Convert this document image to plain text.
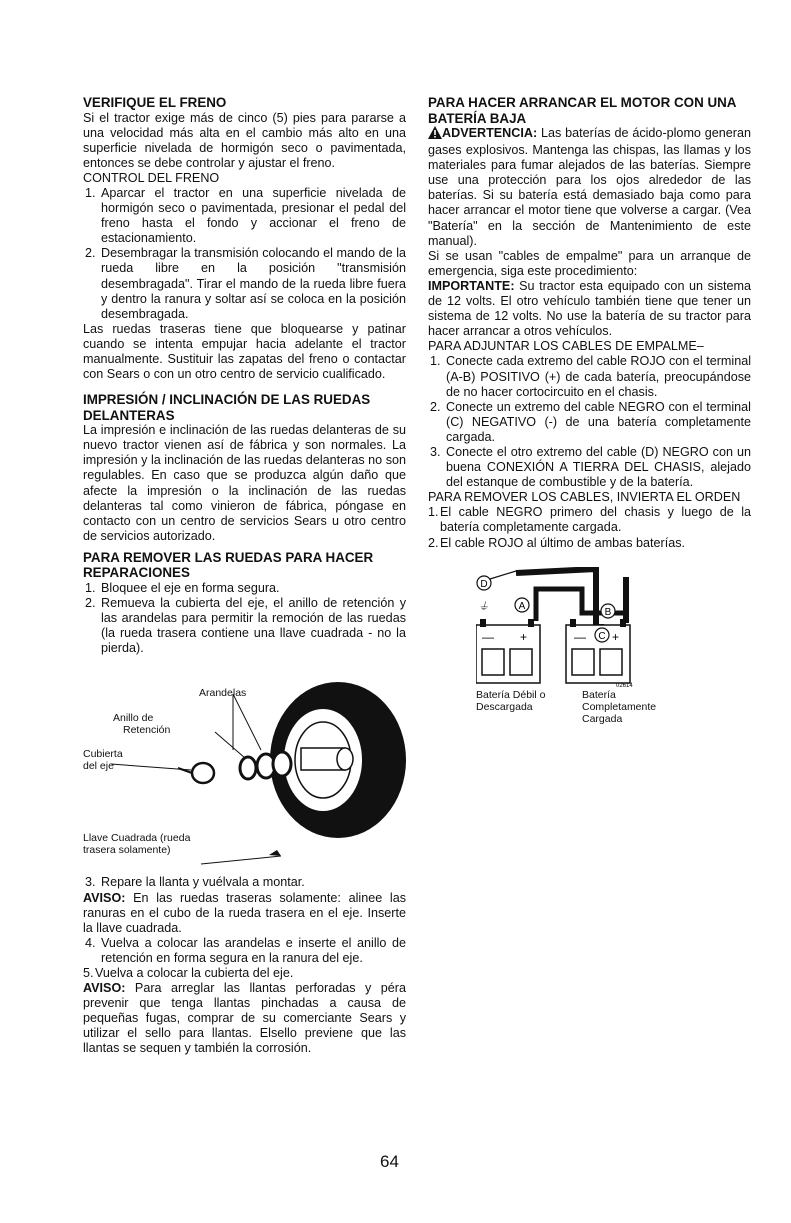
VERIFIQUE EL FRENO

Si el tractor exige más de cinco (5) pies para pararse a una velocidad más alta en el cambio más alto en una superficie nivelada de hormigón seco o pavimentada, entonces se debe controlar y ajustar el freno.

CONTROL DEL FRENO

1. Aparcar el tractor en una superficie nivelada de hormigón seco o pavimentada, presionar el pedal del freno hasta el fondo y accionar el freno de estacionamiento.
2. Desembragar la transmisión colocando el mando de la rueda libre en la posición "transmisión desembragada". Tirar el mando de la rueda libre fuera y dentro la ranura y soltar así se coloca en la posición desembragada.

Las ruedas traseras tiene que bloquearse y patinar cuando se intenta empujar hacia adelante el tractor manualmente. Sustituir las zapatas del freno o contactar con Sears o con un otro centro de servicio cualificado.

IMPRESIÓN / INCLINACIÓN DE LAS RUEDAS DELANTERAS

La impresión e inclinación de las ruedas delanteras de su nuevo tractor vienen así de fábrica y son normales. La impresión y la inclinación de las ruedas delanteras no son regulables. En caso que se produzca algún daño que afecte la impresión o la inclinación de las ruedas delanteras tal como vinieron de fábrica, póngase en contacto con un centro de servicios Sears u otro centro de servicios autorizado.

PARA REMOVER LAS RUEDAS PARA HACER REPARACIONES
1. Bloquee el eje en forma segura.
2. Remueva la cubierta del eje, el anillo de retención y las arandelas para permitir la remoción de las ruedas (la rueda trasera contiene una llave cuadrada - no la pierda).
Arandelas
Anillo de
Retención
Cubierta
del eje
Llave Cuadrada (rueda
trasera solamente)
3. Repare la llanta y vuélvala a montar.

AVISO: En las ruedas traseras solamente: alinee las ranuras en el cubo de la rueda trasera en el eje. Inserte la llave cuadrada.

4. Vuelva a colocar las arandelas e inserte el anillo de retención en forma segura en la ranura del eje.
5. Vuelva a colocar la cubierta del eje.

AVISO: Para arreglar las llantas perforadas y péra prevenir que tenga llantas pinchadas a causa de pequeñas fugas, comprar de su comerciante Sears y utilizar el sello para llantas. Elsello previene que las llantas se sequen y también la corrosión.

PARA HACER ARRANCAR EL MOTOR CON UNA BATERÍA BAJA

ADVERTENCIA: Las baterías de ácido-plomo generan gases explosivos. Mantenga las chispas, las llamas y los materiales para fumar alejados de las baterías. Siempre use una protección para los ojos alrededor de las baterías. Si su batería está demasiado baja como para hacer arrancar el motor tiene que volverse a cargar. (Vea "Batería" en la sección de Mantenimiento de este manual).

Si se usan "cables de empalme" para un arranque de emergencia, siga este procedimiento:

IMPORTANTE: Su tractor esta equipado con un sistema de 12 volts. El otro vehículo también tiene que tener un sistema de 12 volts. No use la batería de su tractor para hacer arrancar a otros vehículos.

PARA ADJUNTAR LOS CABLES DE EMPALME–

1. Conecte cada extremo del cable ROJO con el terminal (A-B) POSITIVO (+) de cada batería, preocupándose de no hacer cortocircuito en el chasis.
2. Conecte un extremo del cable NEGRO con el terminal (C) NEGATIVO (-) de una batería completamente cargada.
3. Conecte el otro extremo del cable (D) NEGRO con un buena CONEXIÓN A TIERRA DEL CHASIS, alejado del estanque de combustible y de la batería.

PARA REMOVER LOS CABLES, INVIERTA EL ORDEN

1. El cable NEGRO primero del chasis y luego de la batería completamente cargada.
2. El cable ROJO al último de ambas baterías.
D
⏚	A
— +	— +
B
C
02614
Batería Débil o
Descargada
Batería
Completamente
Cargada
64
